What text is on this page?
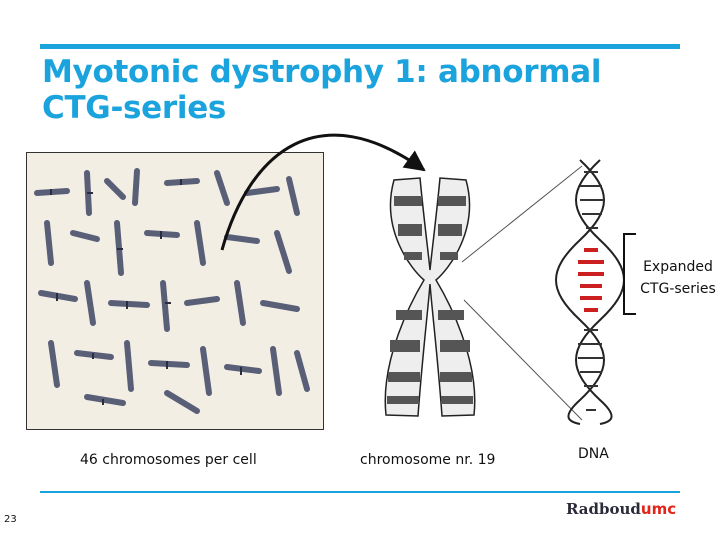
Myotonic dystrophy 1: abnormal CTG-series
Expanded
CTG-series
46 chromosomes per cell	chromosome nr. 19	DNA
23
Radboudumc
